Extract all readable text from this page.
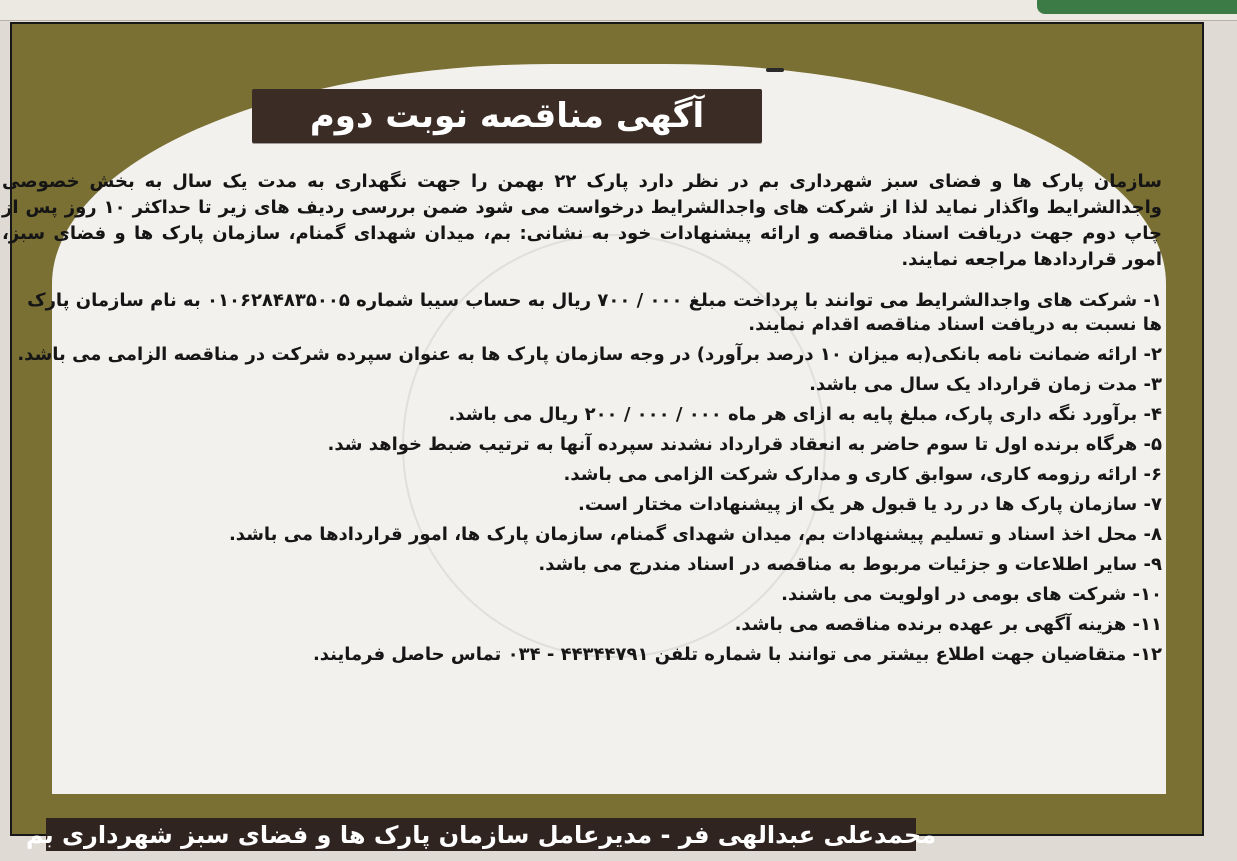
آگهی مناقصه نوبت دوم

سازمان پارک ها و فضای سبز شهرداری بم در نظر دارد پارک ۲۲ بهمن را جهت نگهداری به مدت یک سال به بخش خصوصی واجدالشرایط واگذار نماید لذا از شرکت های واجدالشرایط درخواست می شود ضمن بررسی ردیف های زیر تا حداکثر ۱۰ روز پس از چاپ دوم جهت دریافت اسناد مناقصه و ارائه پیشنهادات خود به نشانی: بم، میدان شهدای گمنام، سازمان پارک ها و فضای سبز، امور قراردادها مراجعه نمایند.

۱- شرکت های واجدالشرایط می توانند با پرداخت مبلغ ۰۰۰ / ۷۰۰ ریال به حساب سیبا شماره ۰۱۰۶۲۸۴۸۳۵۰۰۵ به نام سازمان پارک ها نسبت به دریافت اسناد مناقصه اقدام نمایند.
۲- ارائه ضمانت نامه بانکی(به میزان ۱۰ درصد برآورد) در وجه سازمان پارک ها به عنوان سپرده شرکت در مناقصه الزامی می باشد.
۳- مدت زمان قرارداد یک سال می باشد.
۴- برآورد نگه داری پارک، مبلغ پایه به ازای هر ماه ۰۰۰ / ۰۰۰ / ۲۰۰ ریال می باشد.
۵- هرگاه برنده اول تا سوم حاضر به انعقاد قرارداد نشدند سپرده آنها به ترتیب ضبط خواهد شد.
۶- ارائه رزومه کاری، سوابق کاری و مدارک شرکت الزامی می باشد.
۷- سازمان پارک ها در رد یا قبول هر یک از پیشنهادات مختار است.
۸- محل اخذ اسناد و تسلیم پیشنهادات بم، میدان شهدای گمنام، سازمان پارک ها، امور قراردادها می باشد.
۹- سایر اطلاعات و جزئیات مربوط به مناقصه در اسناد مندرج می باشد.
۱۰- شرکت های بومی در اولویت می باشند.
۱۱- هزینه آگهی بر عهده برنده مناقصه می باشد.
۱۲- متقاضیان جهت اطلاع بیشتر می توانند با شماره تلفن ۴۴۳۴۴۷۹۱ - ۰۳۴ تماس حاصل فرمایند.
محمدعلی عبدالهی فر - مدیرعامل سازمان پارک ها و فضای سبز شهرداری بم
